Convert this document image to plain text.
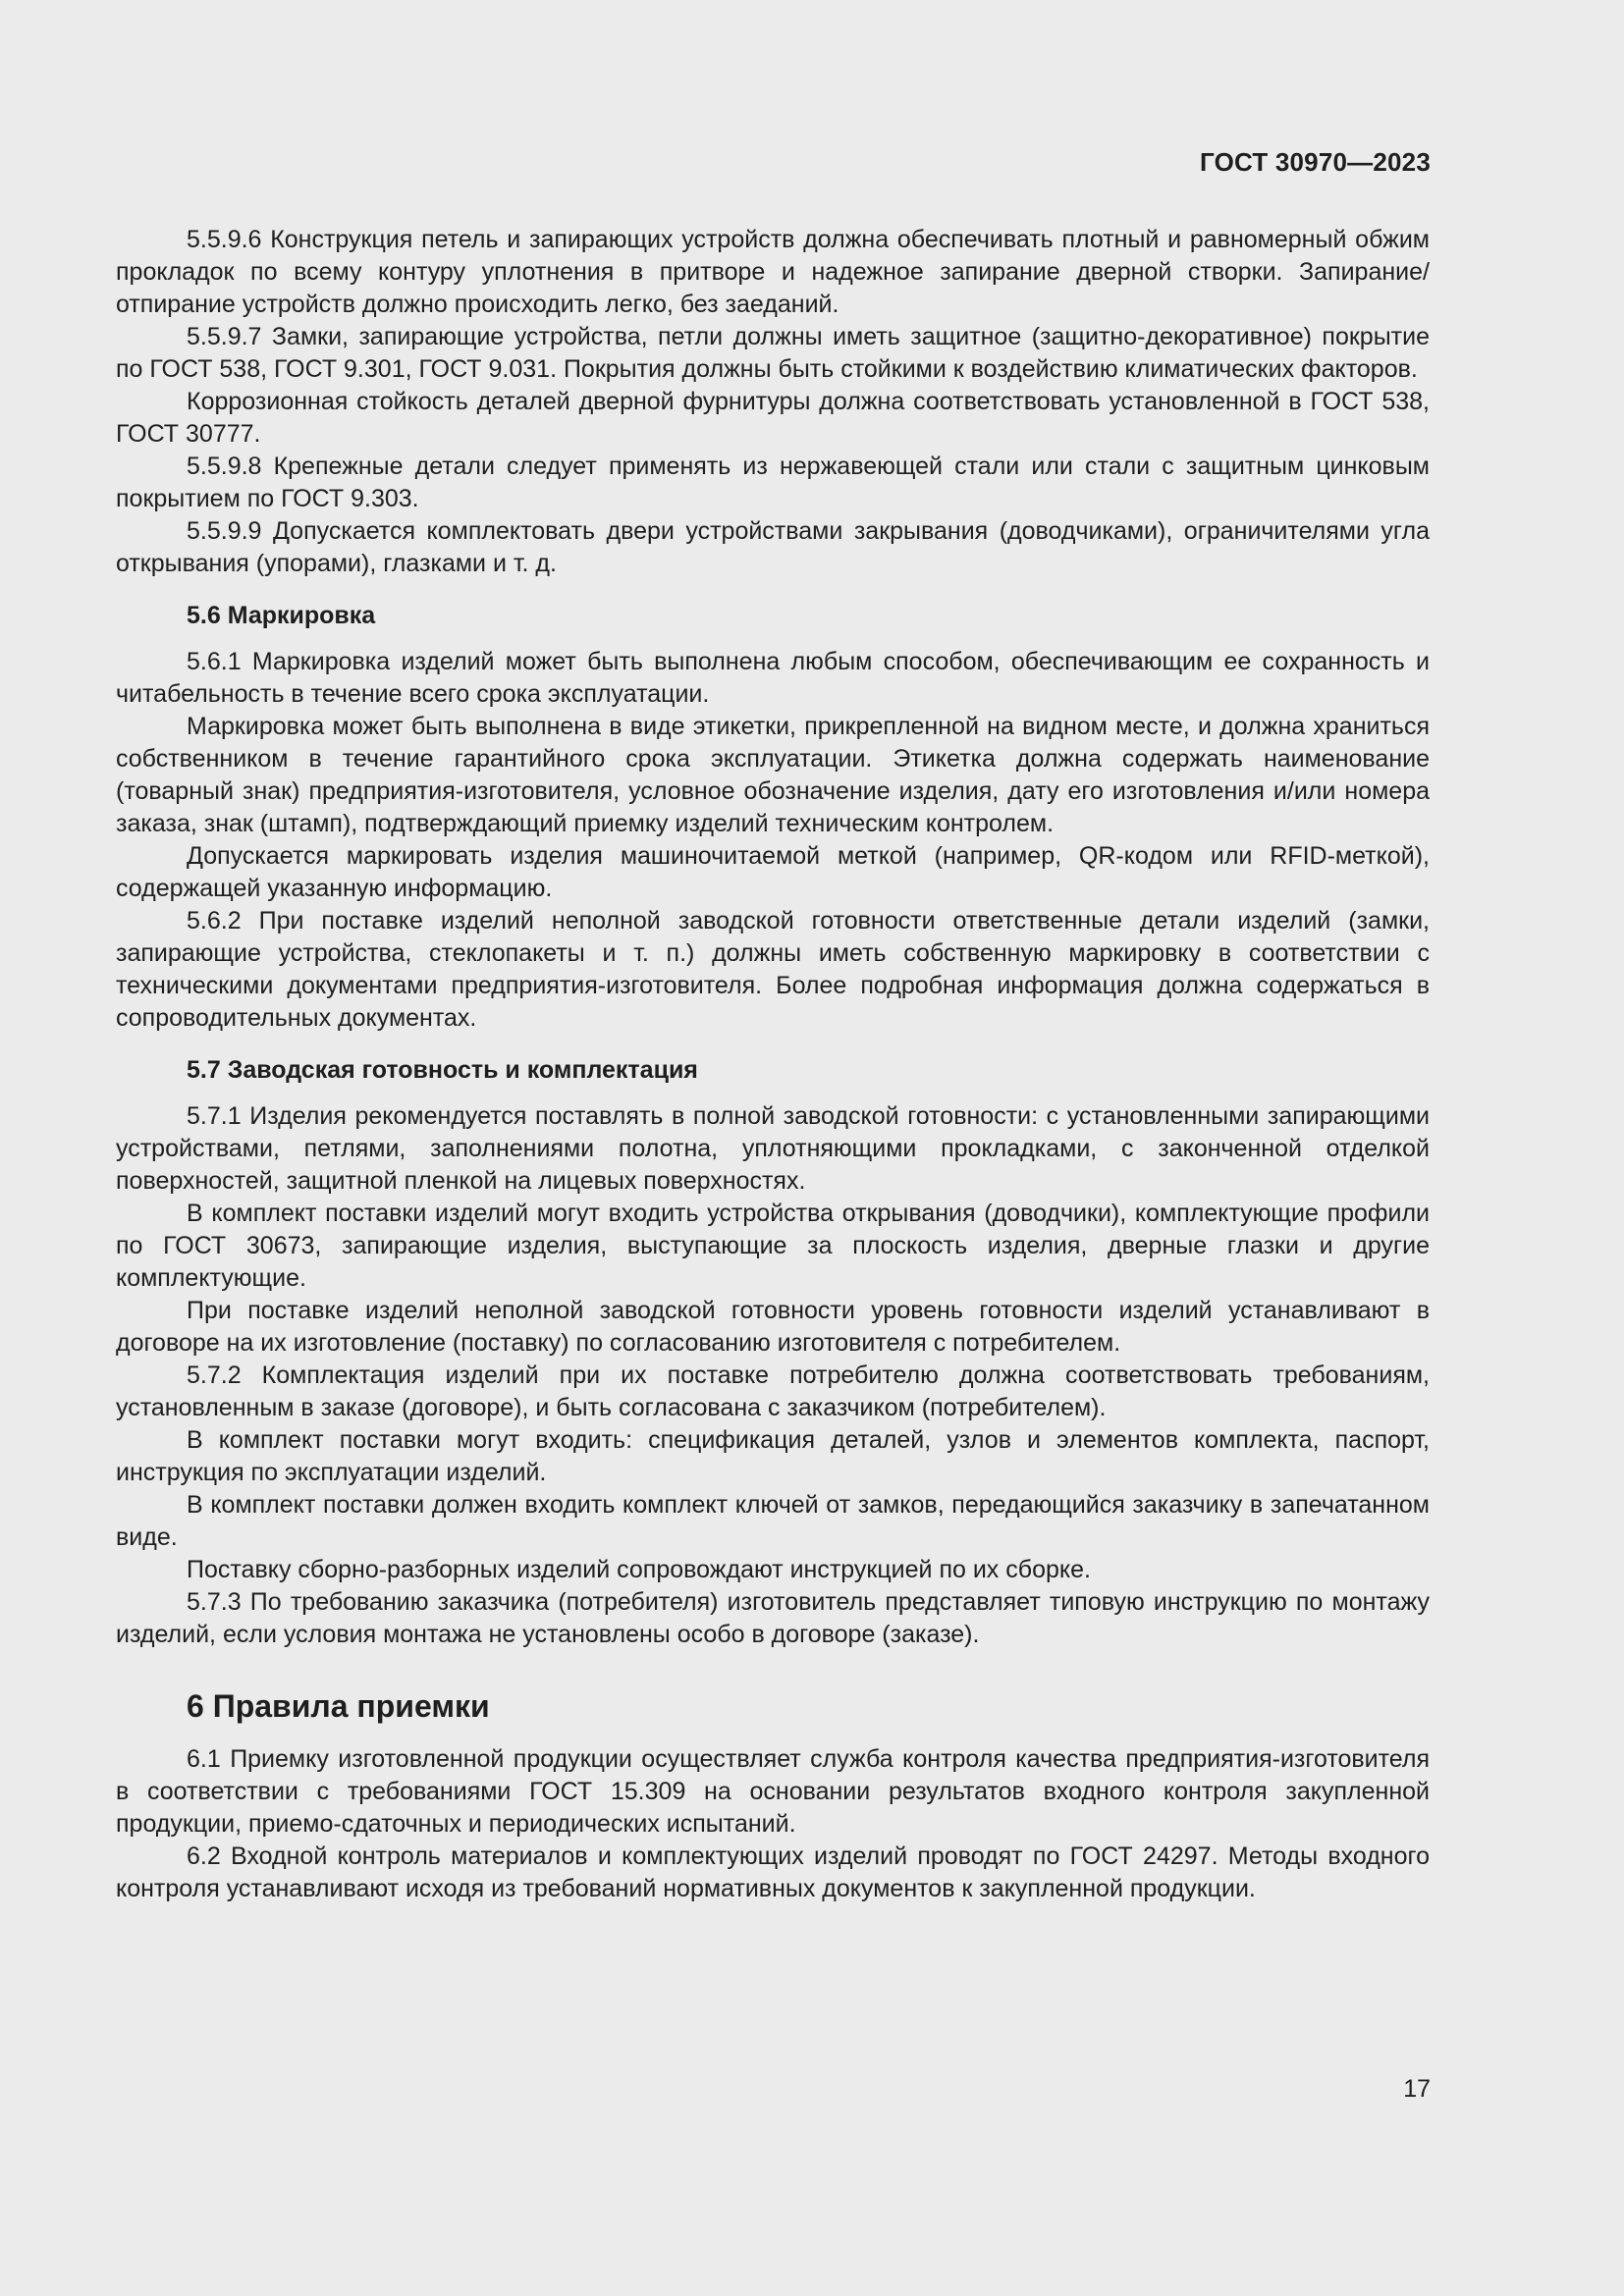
ГОСТ 30970—2023

5.5.9.6 Конструкция петель и запирающих устройств должна обеспечивать плотный и равномерный обжим прокладок по всему контуру уплотнения в притворе и надежное запирание дверной створки. Запирание/отпирание устройств должно происходить легко, без заеданий.

5.5.9.7 Замки, запирающие устройства, петли должны иметь защитное (защитно-декоративное) покрытие по ГОСТ 538, ГОСТ 9.301, ГОСТ 9.031. Покрытия должны быть стойкими к воздействию климатических факторов.

Коррозионная стойкость деталей дверной фурнитуры должна соответствовать установленной в ГОСТ 538, ГОСТ 30777.

5.5.9.8 Крепежные детали следует применять из нержавеющей стали или стали с защитным цинковым покрытием по ГОСТ 9.303.

5.5.9.9 Допускается комплектовать двери устройствами закрывания (доводчиками), ограничителями угла открывания (упорами), глазками и т. д.

5.6 Маркировка

5.6.1 Маркировка изделий может быть выполнена любым способом, обеспечивающим ее сохранность и читабельность в течение всего срока эксплуатации.

Маркировка может быть выполнена в виде этикетки, прикрепленной на видном месте, и должна храниться собственником в течение гарантийного срока эксплуатации. Этикетка должна содержать наименование (товарный знак) предприятия-изготовителя, условное обозначение изделия, дату его изготовления и/или номера заказа, знак (штамп), подтверждающий приемку изделий техническим контролем.

Допускается маркировать изделия машиночитаемой меткой (например, QR-кодом или RFID-меткой), содержащей указанную информацию.

5.6.2 При поставке изделий неполной заводской готовности ответственные детали изделий (замки, запирающие устройства, стеклопакеты и т. п.) должны иметь собственную маркировку в соответствии с техническими документами предприятия-изготовителя. Более подробная информация должна содержаться в сопроводительных документах.

5.7 Заводская готовность и комплектация

5.7.1 Изделия рекомендуется поставлять в полной заводской готовности: с установленными запирающими устройствами, петлями, заполнениями полотна, уплотняющими прокладками, с законченной отделкой поверхностей, защитной пленкой на лицевых поверхностях.

В комплект поставки изделий могут входить устройства открывания (доводчики), комплектующие профили по ГОСТ 30673, запирающие изделия, выступающие за плоскость изделия, дверные глазки и другие комплектующие.

При поставке изделий неполной заводской готовности уровень готовности изделий устанавливают в договоре на их изготовление (поставку) по согласованию изготовителя с потребителем.

5.7.2 Комплектация изделий при их поставке потребителю должна соответствовать требованиям, установленным в заказе (договоре), и быть согласована с заказчиком (потребителем).

В комплект поставки могут входить: спецификация деталей, узлов и элементов комплекта, паспорт, инструкция по эксплуатации изделий.

В комплект поставки должен входить комплект ключей от замков, передающийся заказчику в запечатанном виде.

Поставку сборно-разборных изделий сопровождают инструкцией по их сборке.

5.7.3 По требованию заказчика (потребителя) изготовитель представляет типовую инструкцию по монтажу изделий, если условия монтажа не установлены особо в договоре (заказе).

6 Правила приемки

6.1 Приемку изготовленной продукции осуществляет служба контроля качества предприятия-изготовителя в соответствии с требованиями ГОСТ 15.309 на основании результатов входного контроля закупленной продукции, приемо-сдаточных и периодических испытаний.

6.2 Входной контроль материалов и комплектующих изделий проводят по ГОСТ 24297. Методы входного контроля устанавливают исходя из требований нормативных документов к закупленной продукции.

17
